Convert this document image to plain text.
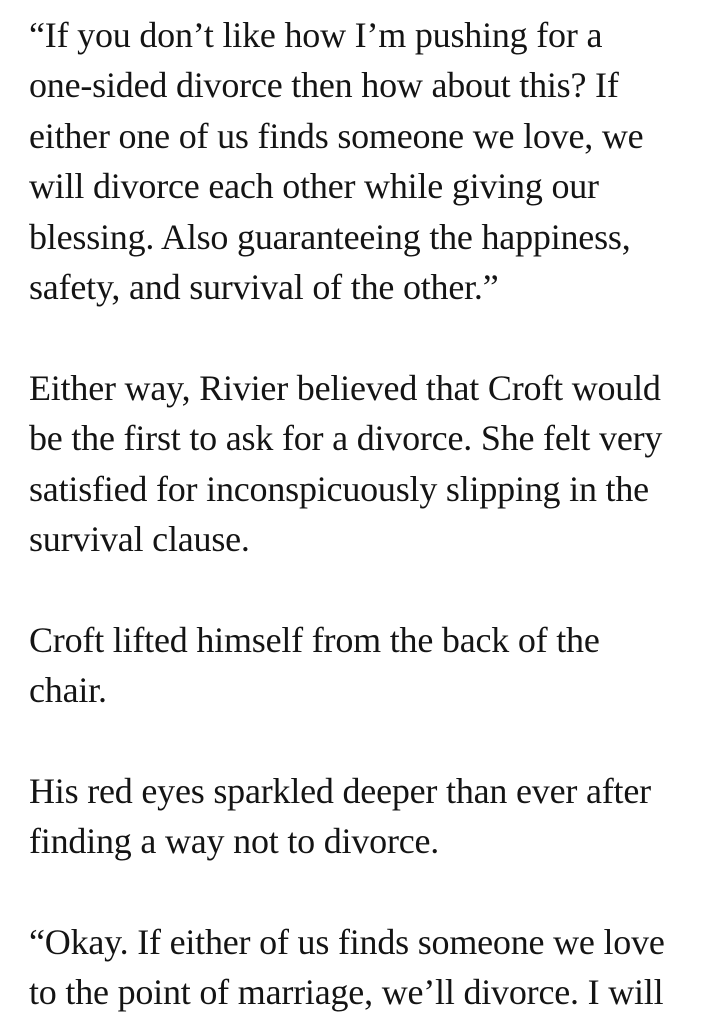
“If you don’t like how I’m pushing for a
one-sided divorce then how about this? If
either one of us finds someone we love, we
will divorce each other while giving our
blessing. Also guaranteeing the happiness,
safety, and survival of the other.”
Either way, Rivier believed that Croft would
be the first to ask for a divorce. She felt very
satisfied for inconspicuously slipping in the
survival clause.
Croft lifted himself from the back of the
chair.
His red eyes sparkled deeper than ever after
finding a way not to divorce.
“Okay. If either of us finds someone we love
to the point of marriage, we’ll divorce. I will
